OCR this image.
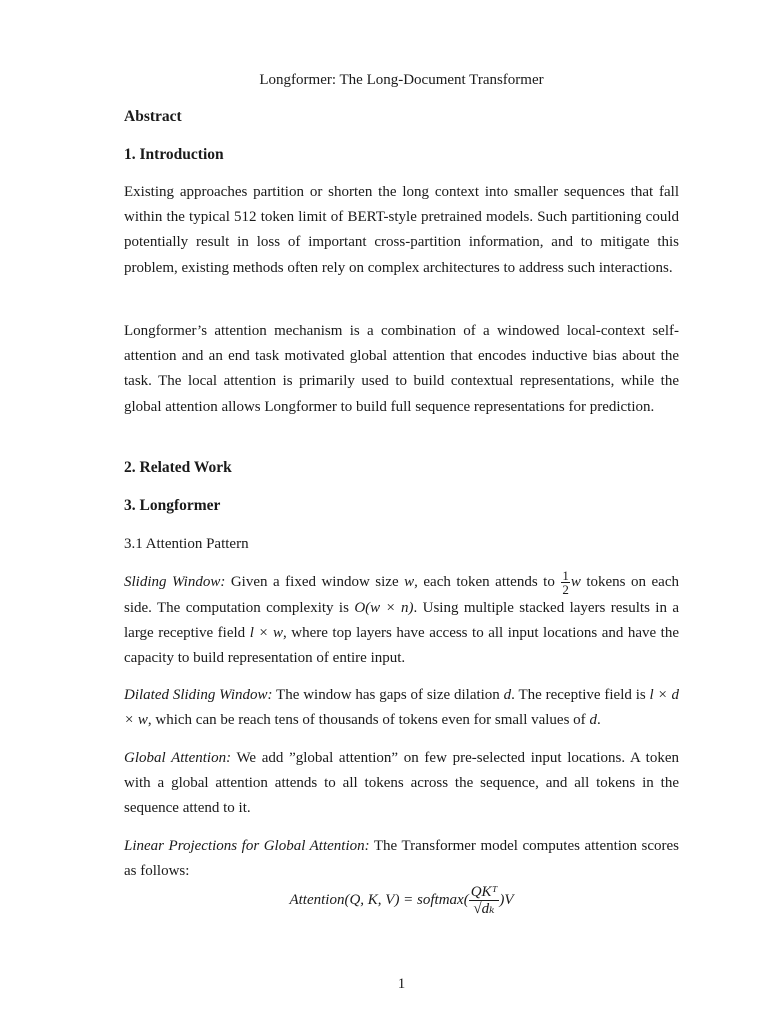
Longformer: The Long-Document Transformer
Abstract
1. Introduction
Existing approaches partition or shorten the long context into smaller sequences that fall within the typical 512 token limit of BERT-style pretrained models. Such partitioning could potentially result in loss of important cross-partition information, and to mitigate this problem, existing methods often rely on complex architectures to address such interactions.
Longformer’s attention mechanism is a combination of a windowed local-context self-attention and an end task motivated global attention that encodes inductive bias about the task. The local attention is primarily used to build contextual representations, while the global attention allows Longformer to build full sequence representations for prediction.
2. Related Work
3. Longformer
3.1 Attention Pattern
Sliding Window: Given a fixed window size w, each token attends to $\frac{1}{2}$ w tokens on each side. The computation complexity is O(w × n). Using multiple stacked layers results in a large receptive field l × w, where top layers have access to all input locations and have the capacity to build representation of entire input.
Dilated Sliding Window: The window has gaps of size dilation d. The receptive field is l × d × w, which can be reach tens of thousands of tokens even for small values of d.
Global Attention: We add ”global attention” on few pre-selected input locations. A token with a global attention attends to all tokens across the sequence, and all tokens in the sequence attend to it.
Linear Projections for Global Attention: The Transformer model computes attention scores as follows:
Attention(Q, K, V) = softmax( $\frac{\text{QKᵀ}}{\text{√dₖ}} )V$
1
